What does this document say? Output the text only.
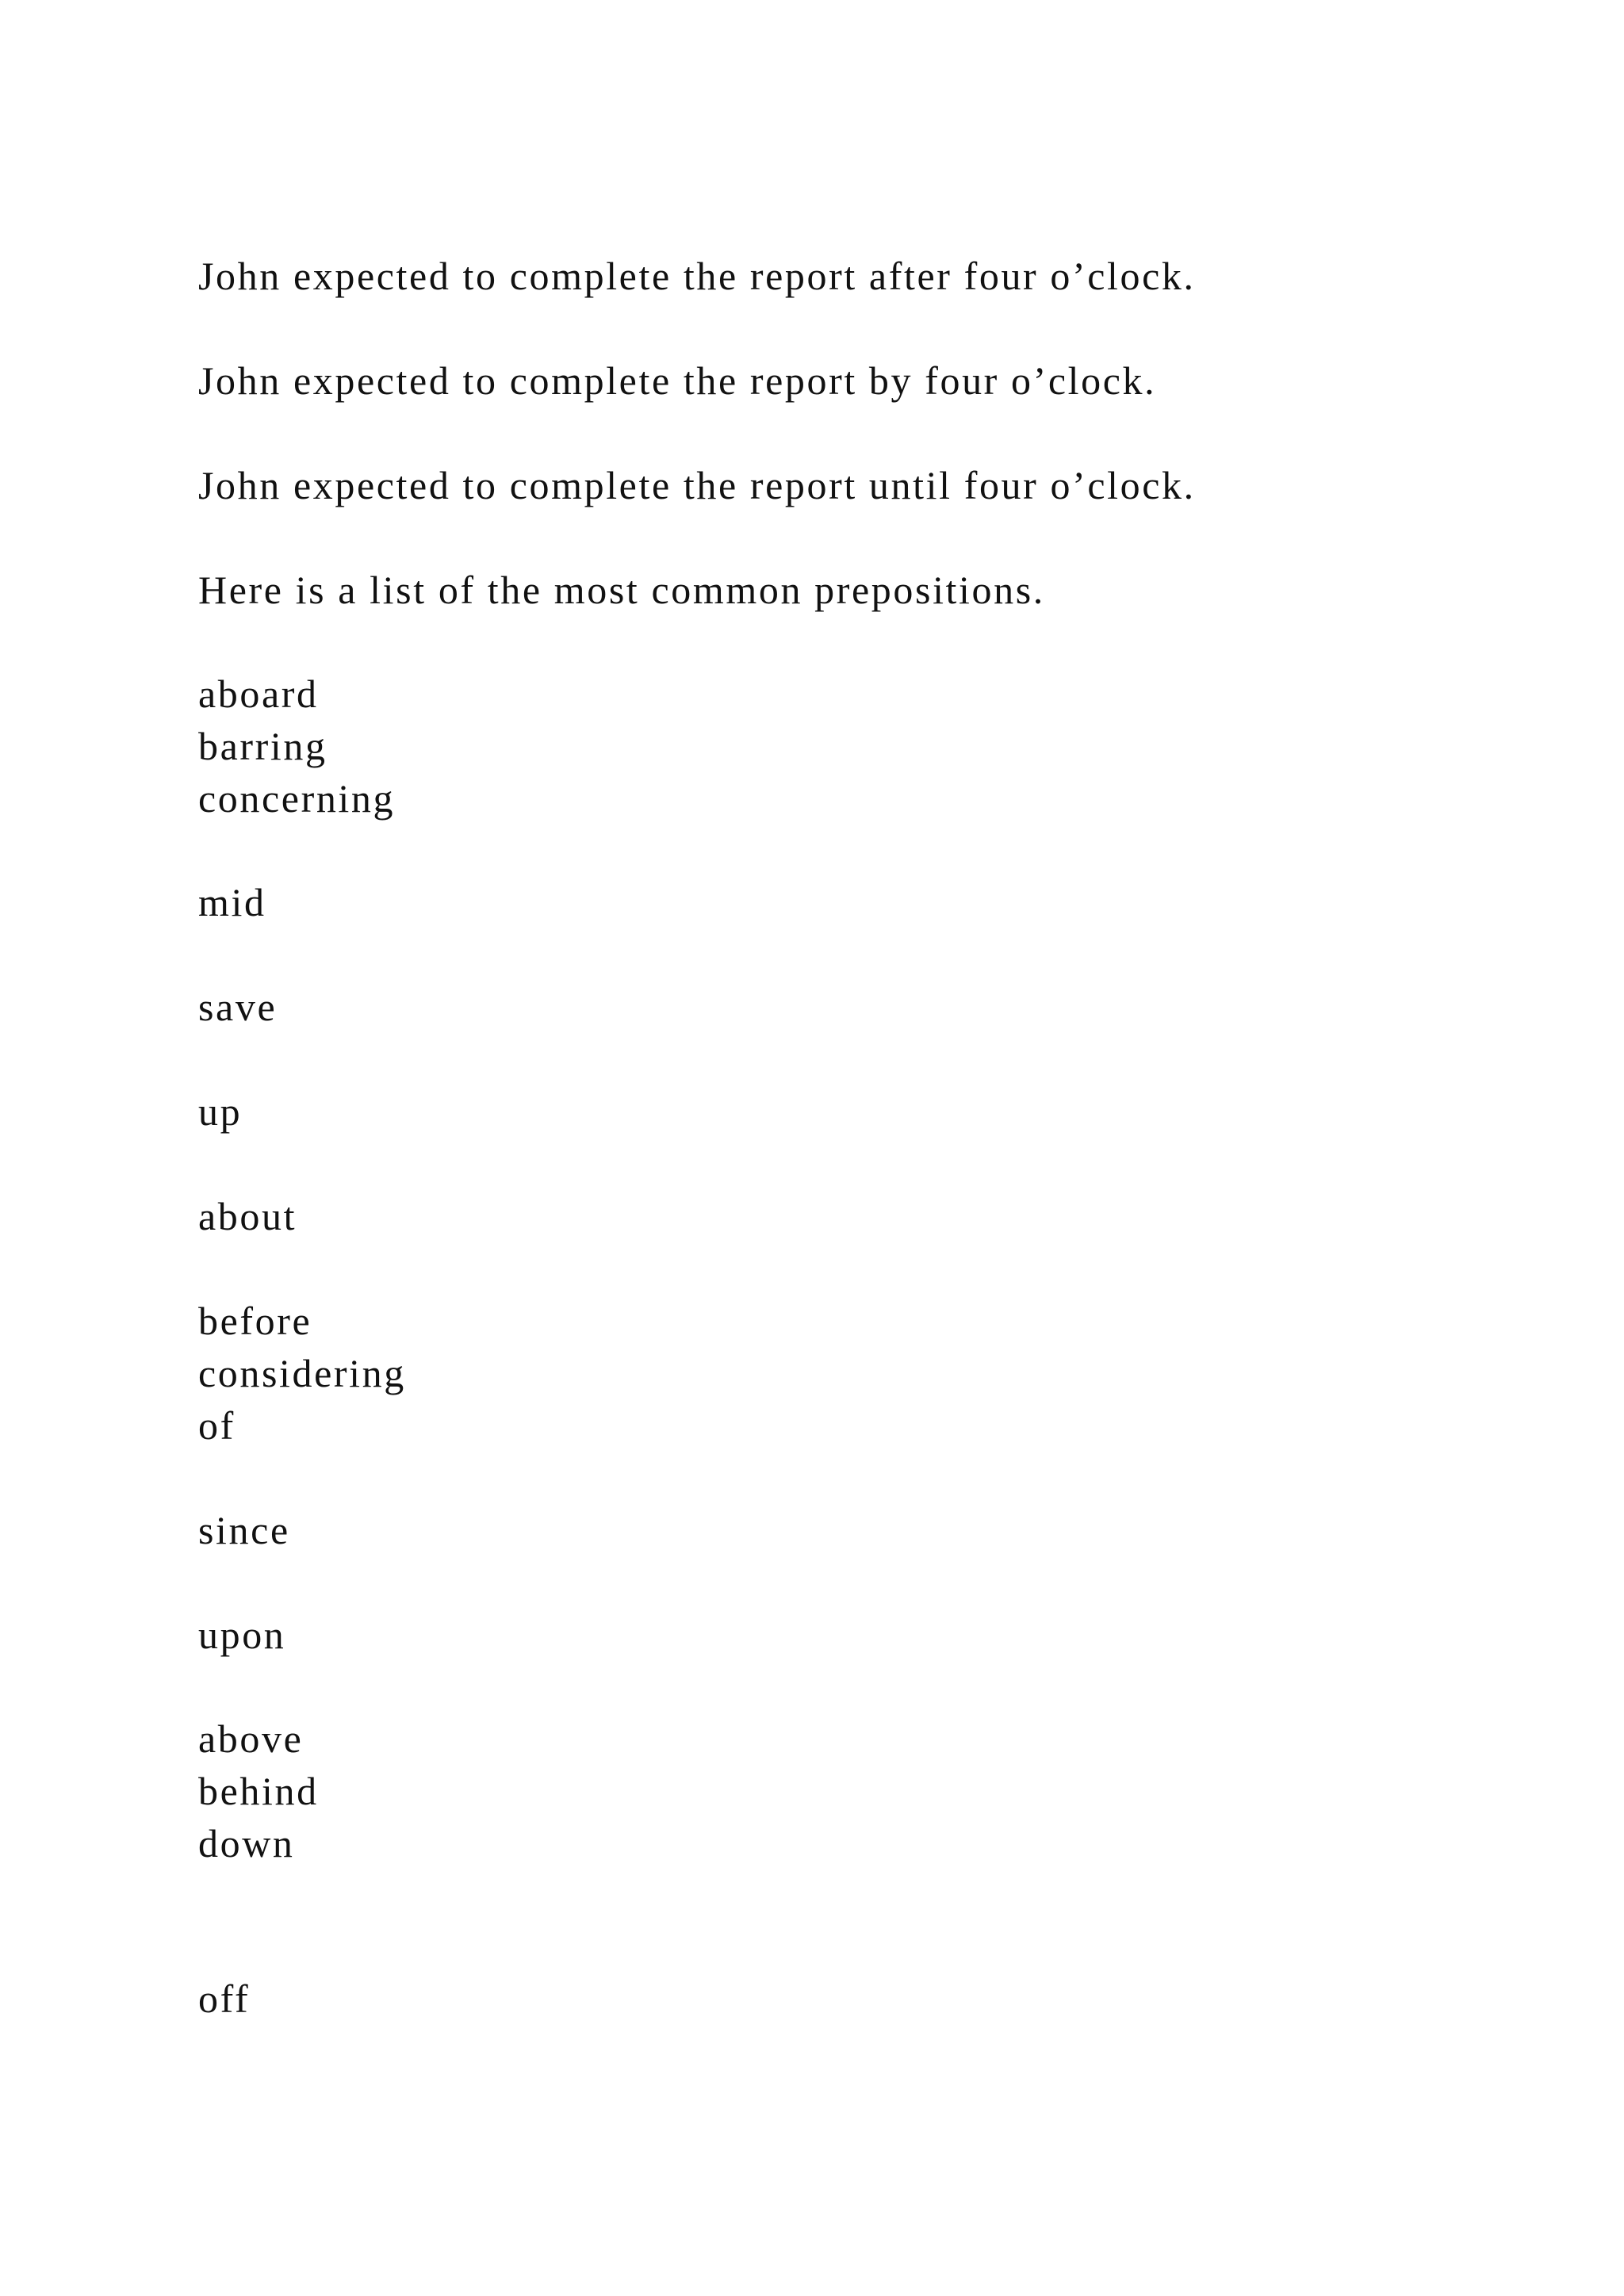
John expected to complete the report after four o’clock.

John expected to complete the report by four o’clock.

John expected to complete the report until four o’clock.

Here is a list of the most common prepositions.

aboard

barring

concerning

mid

save

up

about

before

considering

of

since

upon

above

behind

down

off
